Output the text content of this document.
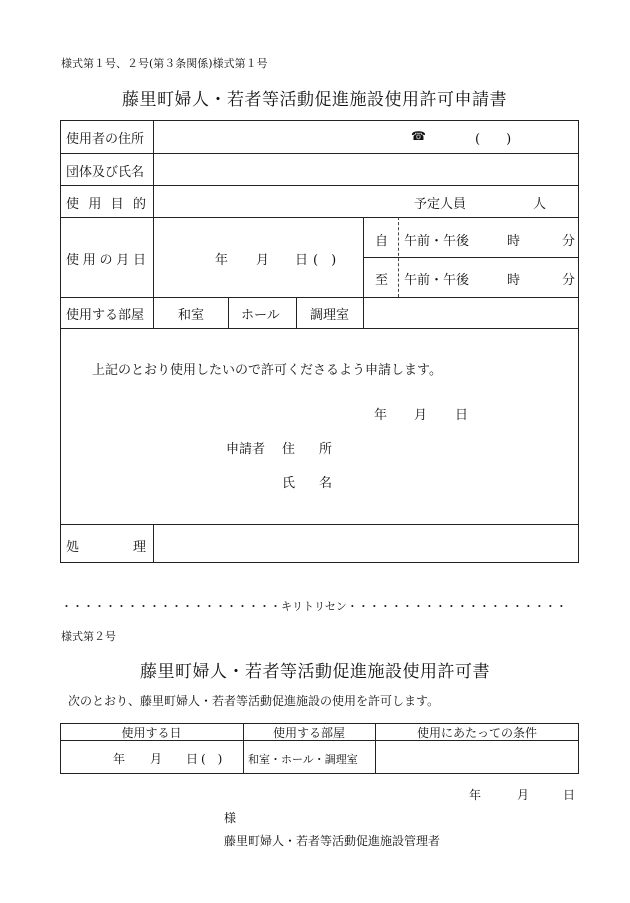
様式第１号、２号(第３条関係)様式第１号
藤里町婦人・若者等活動促進施設使用許可申請書
使用者の住所	☎	(　　)
団体及び氏名
使 用 目 的	予定人員	人
使 用 の 月 日	年 月 日 (　)
自 午前・午後	時	分
至 午前・午後	時	分
使用する部屋	和室	ホール 調理室
上記のとおり使用したいので許可くださるよう申請します。
年 月 日
申請者 住 所
氏 名
処	理
・・・・・・・・・・・・・・・・・・・・キリトリセン・・・・・・・・・・・・・・・・・・・・
様式第２号
藤里町婦人・若者等活動促進施設使用許可書
次のとおり、藤里町婦人・若者等活動促進施設の使用を許可します。
使用する日	使用する部屋	使用にあたっての条件
年 月 日 (　) 和室・ホール・調理室
年	月	日
様
藤里町婦人・若者等活動促進施設管理者
